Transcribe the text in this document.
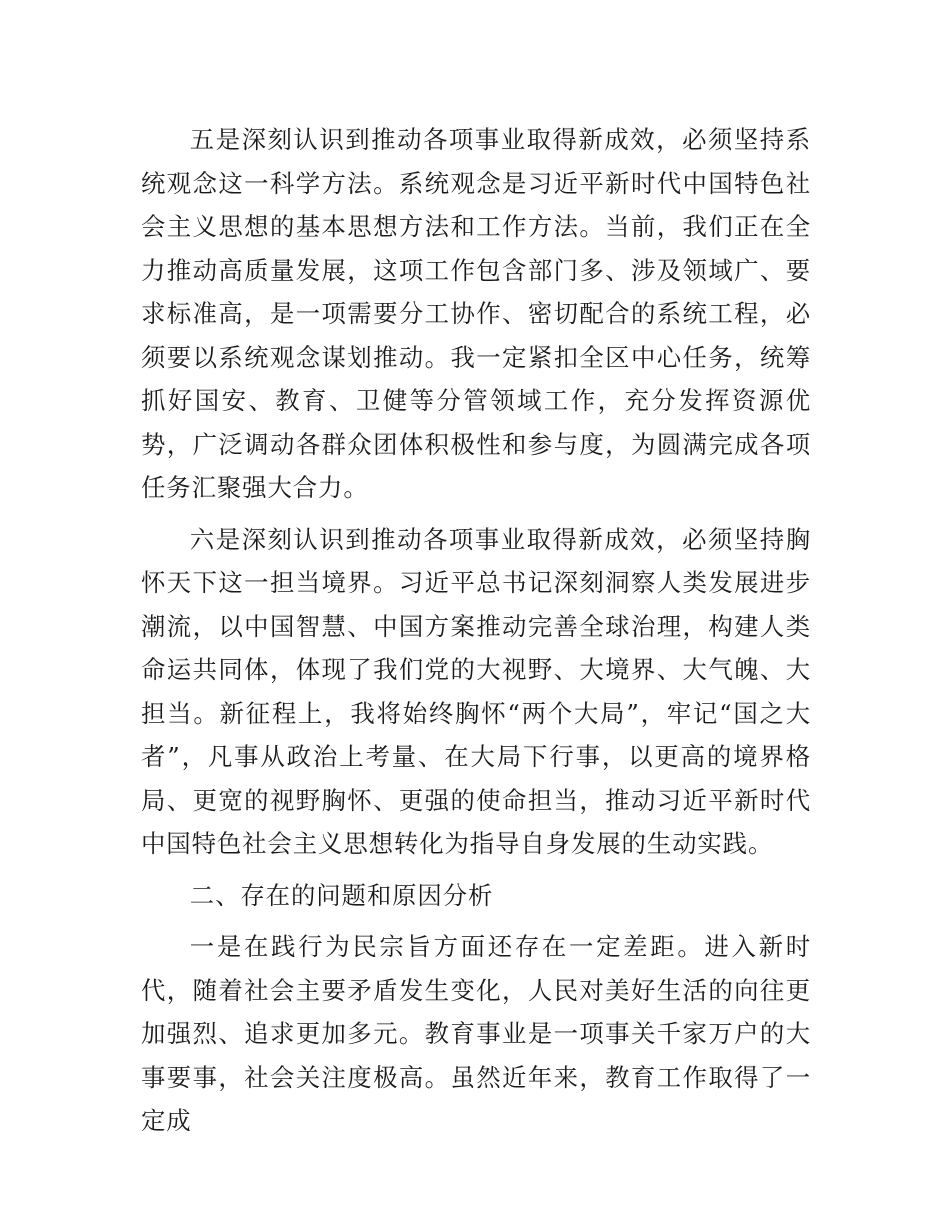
五是深刻认识到推动各项事业取得新成效，必须坚持系统观念这一科学方法。系统观念是习近平新时代中国特色社会主义思想的基本思想方法和工作方法。当前，我们正在全力推动高质量发展，这项工作包含部门多、涉及领域广、要求标准高，是一项需要分工协作、密切配合的系统工程，必须要以系统观念谋划推动。我一定紧扣全区中心任务，统筹抓好国安、教育、卫健等分管领域工作，充分发挥资源优势，广泛调动各群众团体积极性和参与度，为圆满完成各项任务汇聚强大合力。

六是深刻认识到推动各项事业取得新成效，必须坚持胸怀天下这一担当境界。习近平总书记深刻洞察人类发展进步潮流，以中国智慧、中国方案推动完善全球治理，构建人类命运共同体，体现了我们党的大视野、大境界、大气魄、大担当。新征程上，我将始终胸怀“两个大局”，牢记“国之大者”，凡事从政治上考量、在大局下行事，以更高的境界格局、更宽的视野胸怀、更强的使命担当，推动习近平新时代中国特色社会主义思想转化为指导自身发展的生动实践。

二、存在的问题和原因分析

一是在践行为民宗旨方面还存在一定差距。进入新时代，随着社会主要矛盾发生变化，人民对美好生活的向往更加强烈、追求更加多元。教育事业是一项事关千家万户的大事要事，社会关注度极高。虽然近年来，教育工作取得了一定成
